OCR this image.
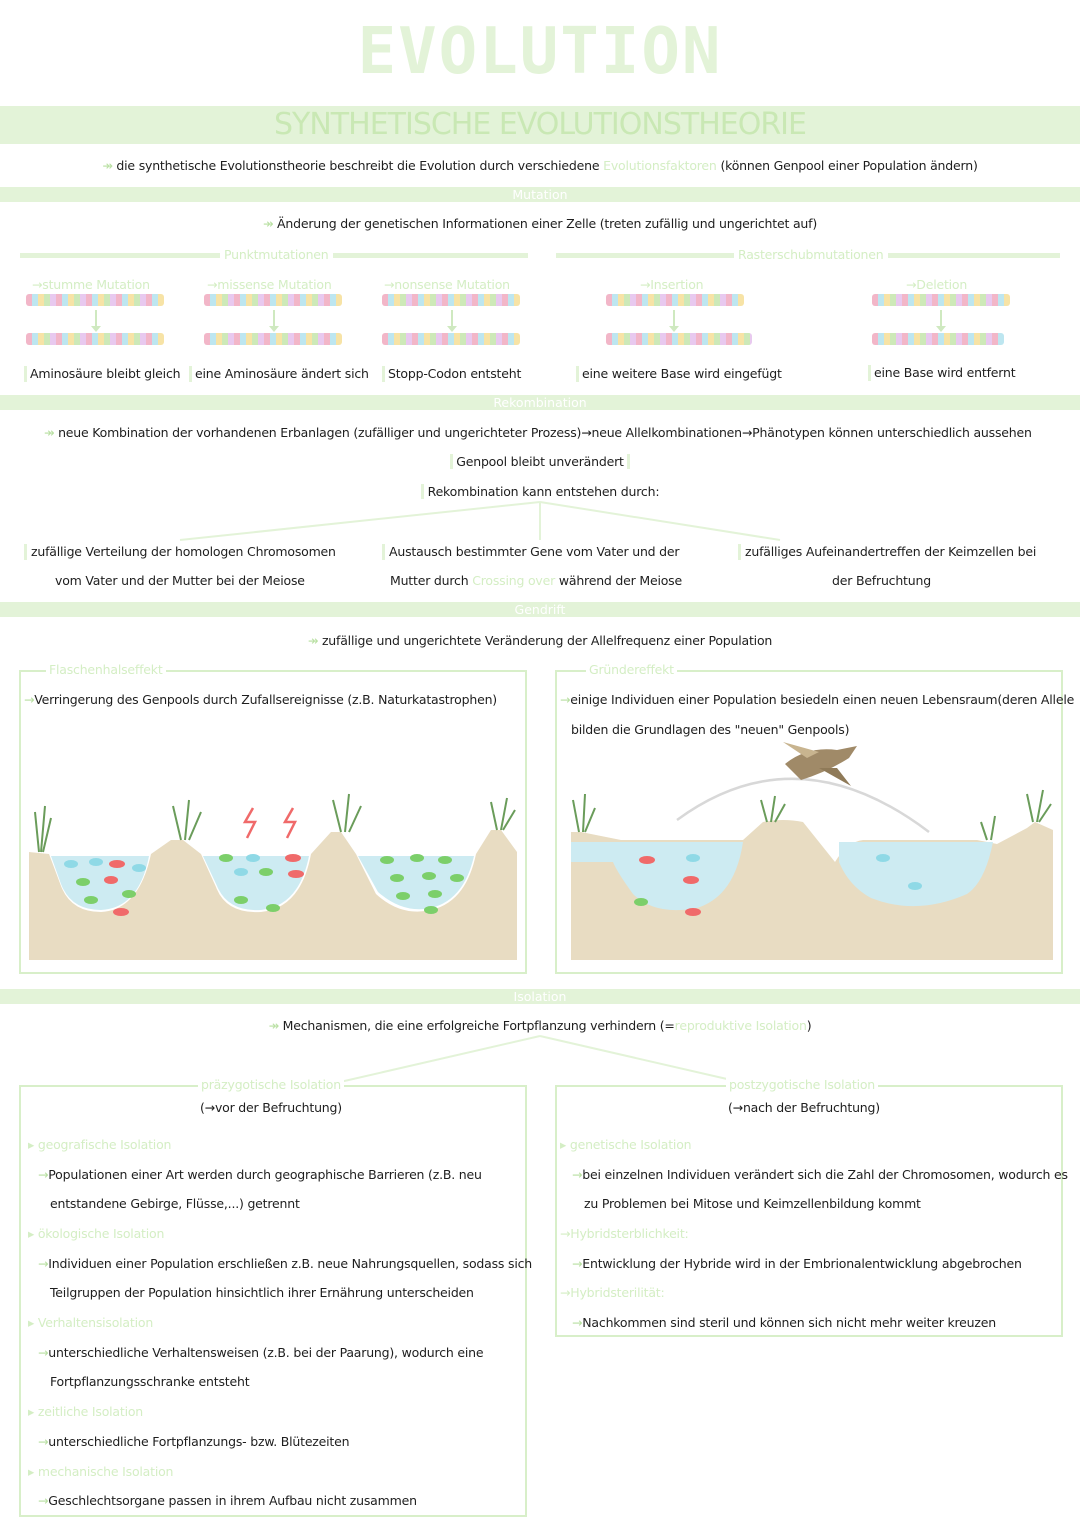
EVOLUTION
SYNTHETISCHE EVOLUTIONSTHEORIE
↠ die synthetische Evolutionstheorie beschreibt die Evolution durch verschiedene Evolutionsfaktoren (können Genpool einer Population ändern)
Mutation
↠ Änderung der genetischen Informationen einer Zelle (treten zufällig und ungerichtet auf)
Punktmutationen	Rasterschubmutationen
→stumme Mutation
Aminosäure bleibt gleich
→missense Mutation
eine Aminosäure ändert sich
→nonsense Mutation
Stopp-Codon entsteht
→Insertion
eine weitere Base wird eingefügt
→Deletion
eine Base wird entfernt
Rekombination
↠ neue Kombination der vorhandenen Erbanlagen (zufälliger und ungerichteter Prozess)→neue Allelkombinationen→Phänotypen können unterschiedlich aussehen
Genpool bleibt unverändert
Rekombination kann entstehen durch:
zufällige Verteilung der homologen Chromosomen
vom Vater und der Mutter bei der Meiose
Austausch bestimmter Gene vom Vater und der
Mutter durch Crossing over während der Meiose
zufälliges Aufeinandertreffen der Keimzellen bei
der Befruchtung
Gendrift
↠ zufällige und ungerichtete Veränderung der Allelfrequenz einer Population
Flaschenhalseffekt
→Verringerung des Genpools durch Zufallsereignisse (z.B. Naturkatastrophen)
Gründereffekt
→einige Individuen einer Population besiedeln einen neuen Lebensraum(deren Allele
bilden die Grundlagen des "neuen" Genpools)
Isolation
↠ Mechanismen, die eine erfolgreiche Fortpflanzung verhindern (=reproduktive Isolation)
präzygotische Isolation
(→vor der Befruchtung)
▸ geografische Isolation
→Populationen einer Art werden durch geographische Barrieren (z.B. neu
entstandene Gebirge, Flüsse,...) getrennt
▸ ökologische Isolation
→Individuen einer Population erschließen z.B. neue Nahrungsquellen, sodass sich
Teilgruppen der Population hinsichtlich ihrer Ernährung unterscheiden
▸ Verhaltensisolation
→unterschiedliche Verhaltensweisen (z.B. bei der Paarung), wodurch eine
Fortpflanzungsschranke entsteht
▸ zeitliche Isolation
→unterschiedliche Fortpflanzungs- bzw. Blütezeiten
▸ mechanische Isolation
→Geschlechtsorgane passen in ihrem Aufbau nicht zusammen
postzygotische Isolation
(→nach der Befruchtung)
▸ genetische Isolation
→bei einzelnen Individuen verändert sich die Zahl der Chromosomen, wodurch es
zu Problemen bei Mitose und Keimzellenbildung kommt
→Hybridsterblichkeit:
→Entwicklung der Hybride wird in der Embrionalentwicklung abgebrochen
→Hybridsterilität:
→Nachkommen sind steril und können sich nicht mehr weiter kreuzen
